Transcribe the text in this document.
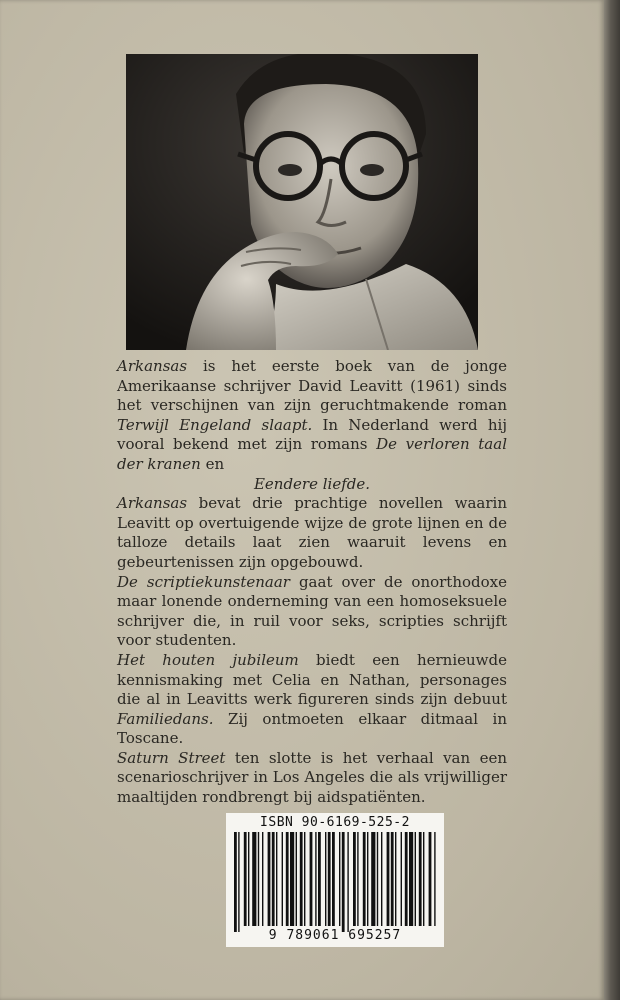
Arkansas is het eerste boek van de jonge Amerikaanse schrijver David Leavitt (1961) sinds het verschijnen van zijn geruchtmakende roman Terwijl Engeland slaapt. In Nederland werd hij vooral bekend met zijn romans De verloren taal der kranen en

Eendere liefde.

Arkansas bevat drie prachtige novellen waarin Leavitt op overtuigende wijze de grote lijnen en de talloze details laat zien waaruit levens en gebeurtenissen zijn opgebouwd.

De scriptiekunstenaar gaat over de onorthodoxe maar lonende onderneming van een homoseksuele schrijver die, in ruil voor seks, scripties schrijft voor studenten.

Het houten jubileum biedt een hernieuwde kennismaking met Celia en Nathan, personages die al in Leavitts werk figureren sinds zijn debuut Familiedans. Zij ontmoeten elkaar ditmaal in Toscane.

Saturn Street ten slotte is het verhaal van een scenarioschrijver in Los Angeles die als vrijwilliger maaltijden rondbrengt bij aidspatiënten.

ISBN 90-6169-525-2
9 789061 695257
